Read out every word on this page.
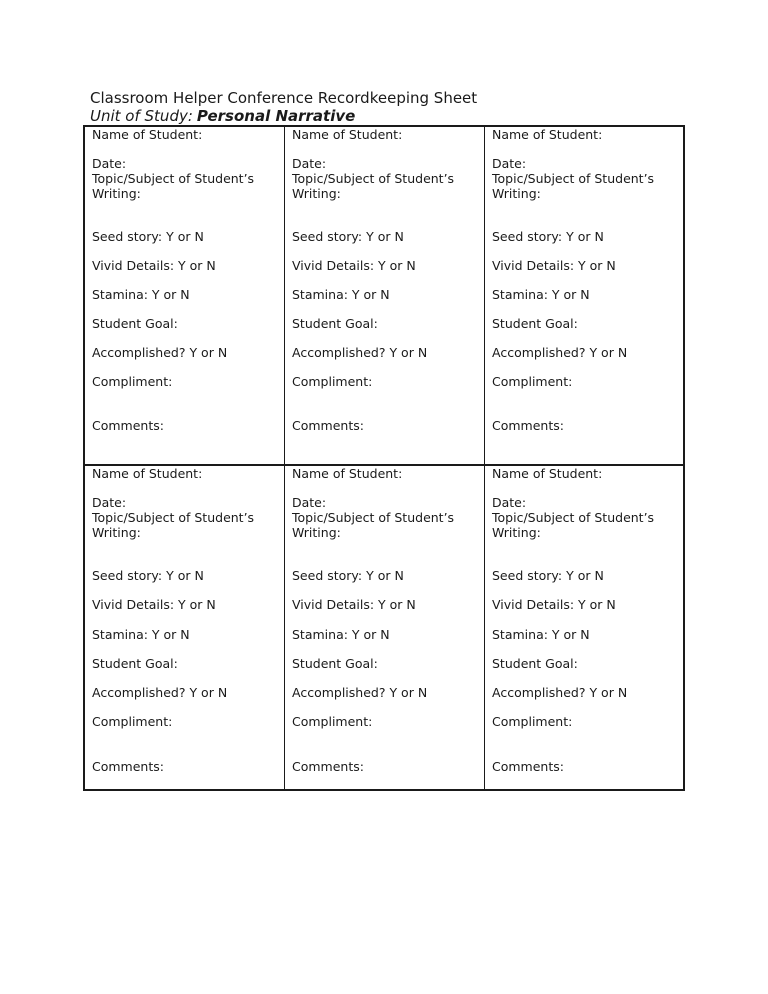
Classroom Helper Conference Recordkeeping Sheet
Unit of Study: Personal Narrative
Name of Student:
Date:
Topic/Subject of Student’s Writing:
Seed story: Y or N
Vivid Details: Y or N
Stamina: Y or N
Student Goal:
Accomplished? Y or N
Compliment:
Comments:
Name of Student:
Date:
Topic/Subject of Student’s Writing:
Seed story: Y or N
Vivid Details: Y or N
Stamina: Y or N
Student Goal:
Accomplished? Y or N
Compliment:
Comments:
Name of Student:
Date:
Topic/Subject of Student’s Writing:
Seed story: Y or N
Vivid Details: Y or N
Stamina: Y or N
Student Goal:
Accomplished? Y or N
Compliment:
Comments:
Name of Student:
Date:
Topic/Subject of Student’s Writing:
Seed story: Y or N
Vivid Details: Y or N
Stamina: Y or N
Student Goal:
Accomplished? Y or N
Compliment:
Comments:
Name of Student:
Date:
Topic/Subject of Student’s Writing:
Seed story: Y or N
Vivid Details: Y or N
Stamina: Y or N
Student Goal:
Accomplished? Y or N
Compliment:
Comments:
Name of Student:
Date:
Topic/Subject of Student’s Writing:
Seed story: Y or N
Vivid Details: Y or N
Stamina: Y or N
Student Goal:
Accomplished? Y or N
Compliment:
Comments:
